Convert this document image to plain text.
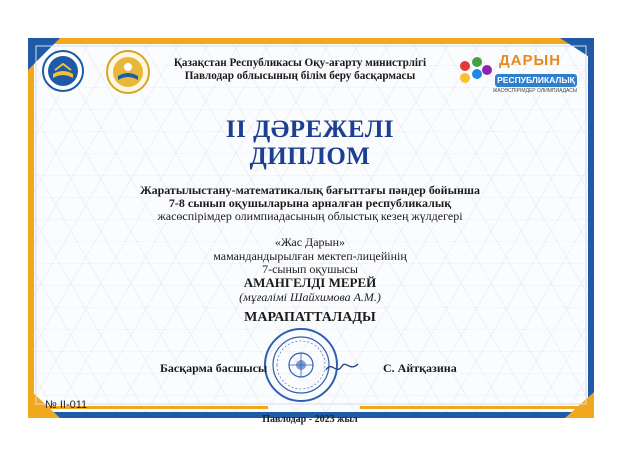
Қазақстан Республикасы Оқу-ағарту министрлігі
Павлодар облысының білім беру басқармасы
ДАРЫН
РЕСПУБЛИКАЛЫҚ
ЖАСӨСПІРІМДЕР ОЛИМПИАДАСЫ
II ДӘРЕЖЕЛІ
ДИПЛОМ
Жаратылыстану-математикалық бағыттағы пәндер бойынша
7-8 сынып оқушыларына арналған республикалық
жасөспірімдер олимпиадасының облыстық кезең жүлдегері
«Жас Дарын»
мамандандырылған мектеп-лицейінің
7-сынып оқушысы
АМАНГЕЛДІ МЕРЕЙ
(мұғалімі Шайхимова А.М.)
МАРАПАТТАЛАДЫ
Басқарма басшысы	С. Айтқазина
№ II-011
Павлодар - 2023 жыл
